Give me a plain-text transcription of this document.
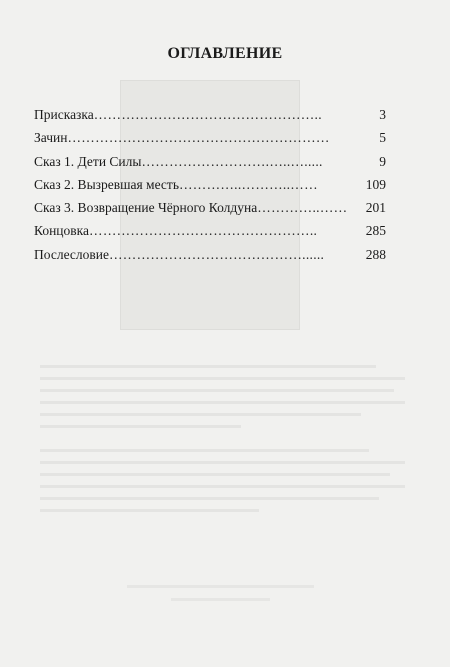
ОГЛАВЛЕНИЕ
Присказка …………………………………………..	3
Зачин …………………………………………………	5
Сказ 1. Дети Силы ……………………….…..….....	9
Сказ 2. Вызревшая месть …………..………..……	109
Сказ 3. Возвращение Чёрного Колдуна …………..……	201
Концовка …………………………………………..	285
Послесловие ……………………………………......	288
